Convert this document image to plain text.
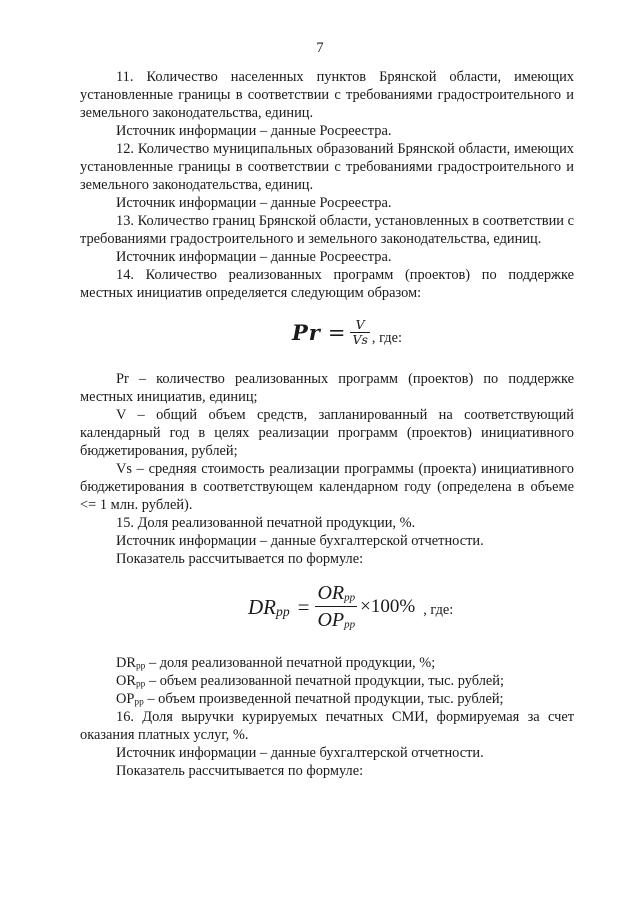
7

11. Количество населенных пунктов Брянской области, имеющих установленные границы в соответствии с требованиями градостроительного и земельного законодательства, единиц.

Источник информации – данные Росреестра.

12. Количество муниципальных образований Брянской области, имеющих установленные границы в соответствии с требованиями градостроительного и земельного законодательства, единиц.

Источник информации – данные Росреестра.

13. Количество границ Брянской области, установленных в соответствии с требованиями градостроительного и земельного законодательства, единиц.

Источник информации – данные Росреестра.

14. Количество реализованных программ (проектов) по поддержке местных инициатив определяется следующим образом:

$Pr = \frac{V}{Vs}$ , где:

Pr – количество реализованных программ (проектов) по поддержке местных инициатив, единиц;

V – общий объем средств, запланированный на соответствующий календарный год в целях реализации программ (проектов) инициативного бюджетирования, рублей;

Vs – средняя стоимость реализации программы (проекта) инициативного бюджетирования в соответствующем календарном году (определена в объеме <= 1 млн. рублей).

15. Доля реализованной печатной продукции, %.

Источник информации – данные бухгалтерской отчетности.

Показатель рассчитывается по формуле:

$DR_{pp} = \frac{OR_{pp}}{OP_{pp}} \times 100\%$ , где:

$DR_{pp}$ – доля реализованной печатной продукции, %;

$OR_{pp}$ – объем реализованной печатной продукции, тыс. рублей;

$OP_{pp}$ – объем произведенной печатной продукции, тыс. рублей;

16. Доля выручки курируемых печатных СМИ, формируемая за счет оказания платных услуг, %.

Источник информации – данные бухгалтерской отчетности.

Показатель рассчитывается по формуле:
